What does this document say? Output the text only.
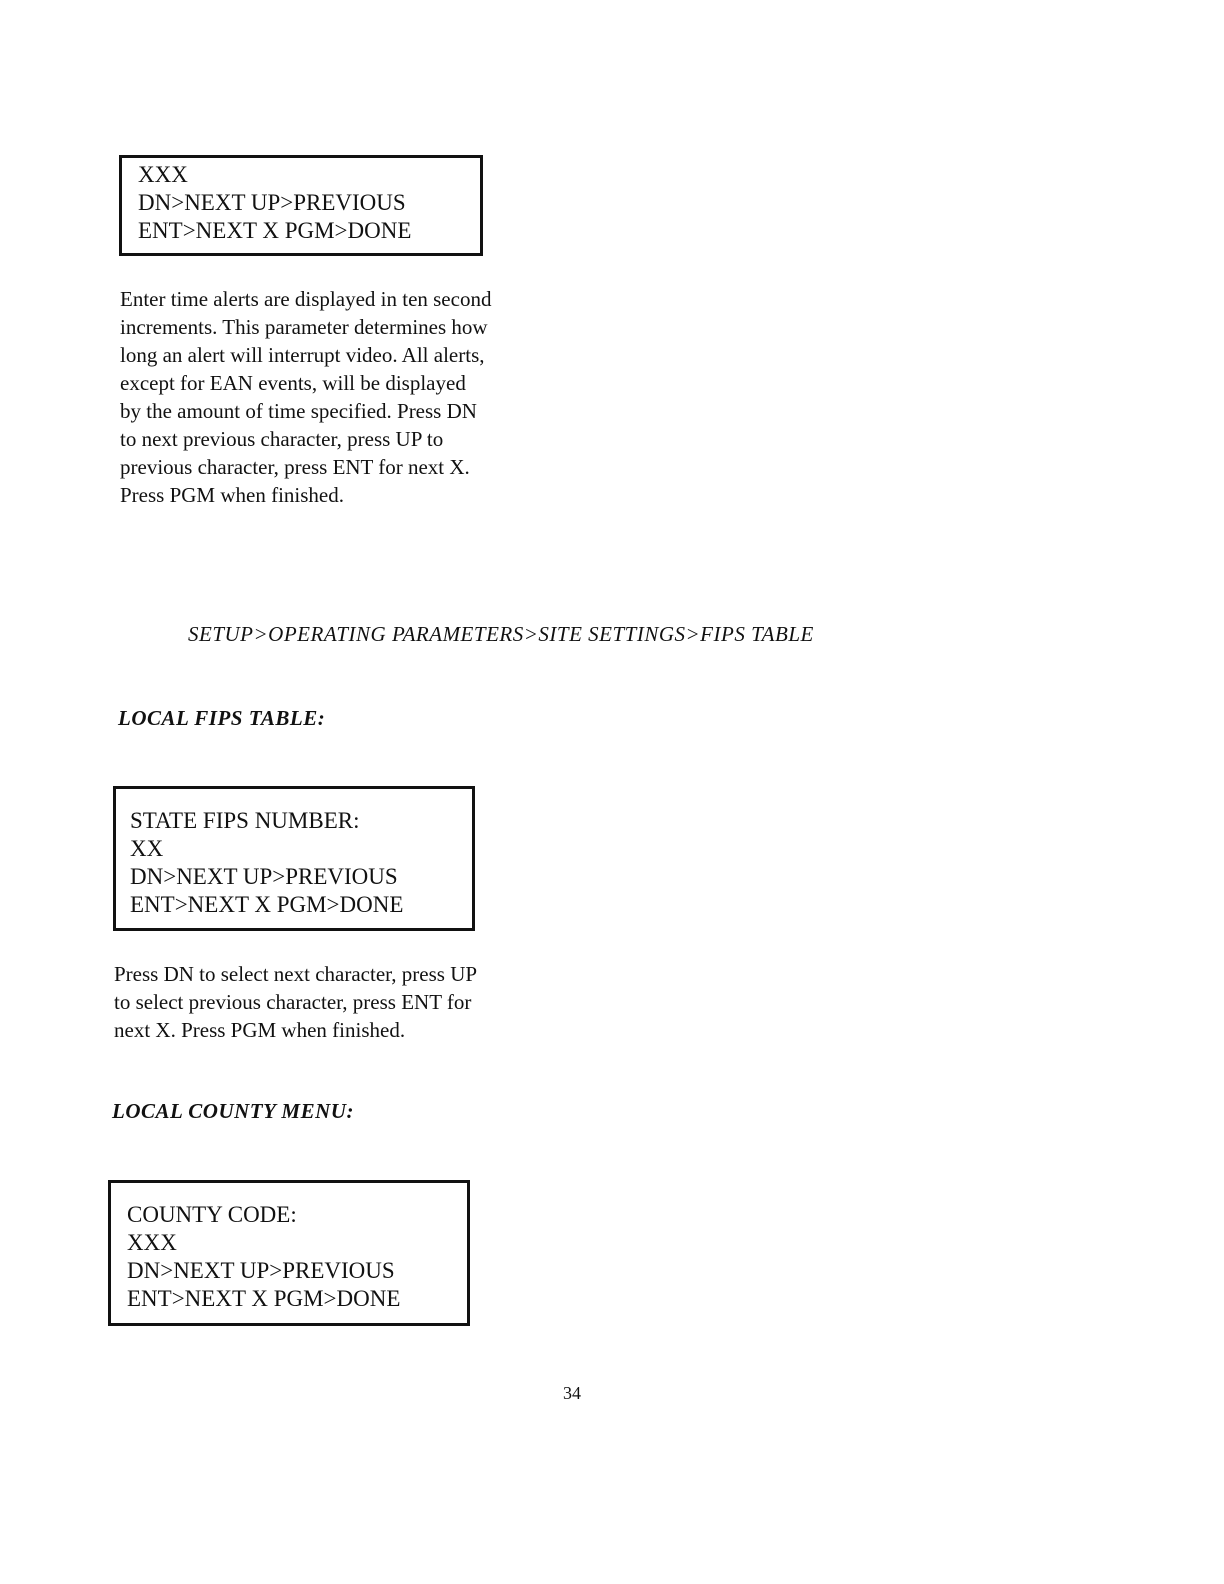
XXX
DN>NEXT UP>PREVIOUS
ENT>NEXT X PGM>DONE
Enter time alerts are displayed in ten second
increments. This parameter determines how
long an alert will interrupt video. All alerts,
except for EAN events, will be displayed
by the amount of time specified. Press DN
to next previous character, press UP to
previous character, press ENT for next X.
Press PGM when finished.
SETUP>OPERATING PARAMETERS>SITE SETTINGS>FIPS TABLE
LOCAL FIPS TABLE:
STATE FIPS NUMBER:
XX
DN>NEXT UP>PREVIOUS
ENT>NEXT X PGM>DONE
Press DN to select next character, press UP
to select previous character, press ENT for
next X. Press PGM when finished.
LOCAL COUNTY MENU:
COUNTY CODE:
XXX
DN>NEXT UP>PREVIOUS
ENT>NEXT X PGM>DONE
34
